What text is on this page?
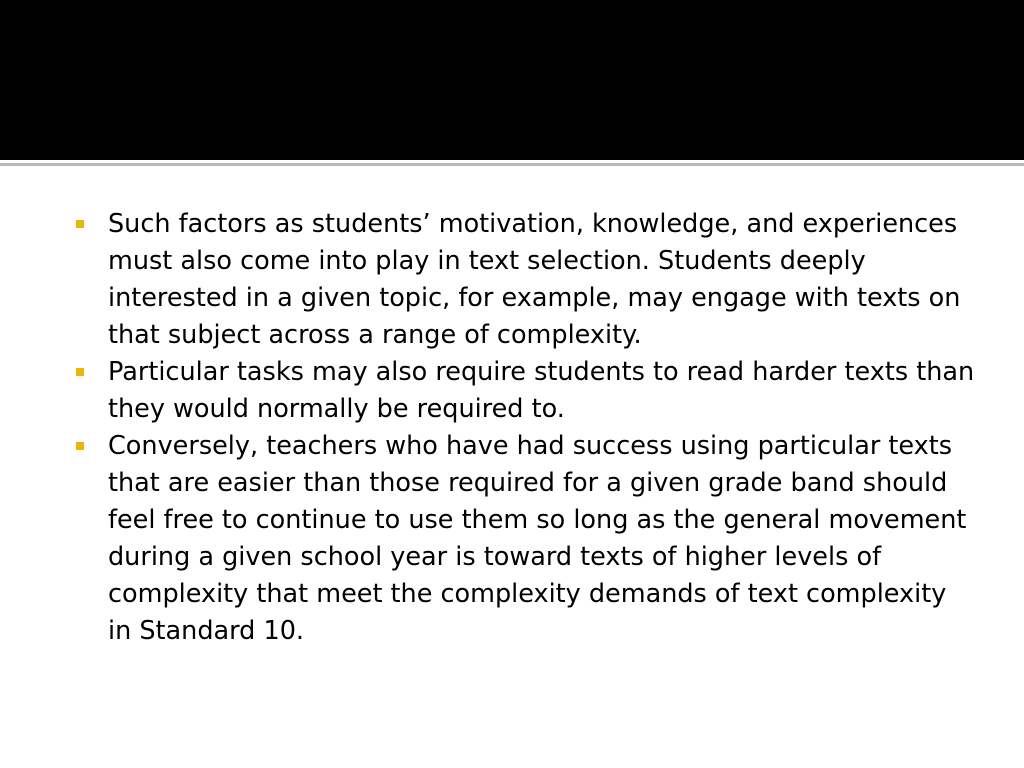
Such factors as students’ motivation, knowledge, and experiences must also come into play in text selection. Students deeply interested in a given topic, for example, may engage with texts on that subject across a range of complexity.
Particular tasks may also require students to read harder texts than they would normally be required to.
Conversely, teachers who have had success using particular texts that are easier than those required for a given grade band should feel free to continue to use them so long as the general movement during a given school year is toward texts of higher levels of complexity that meet the complexity demands of text complexity in Standard 10.
